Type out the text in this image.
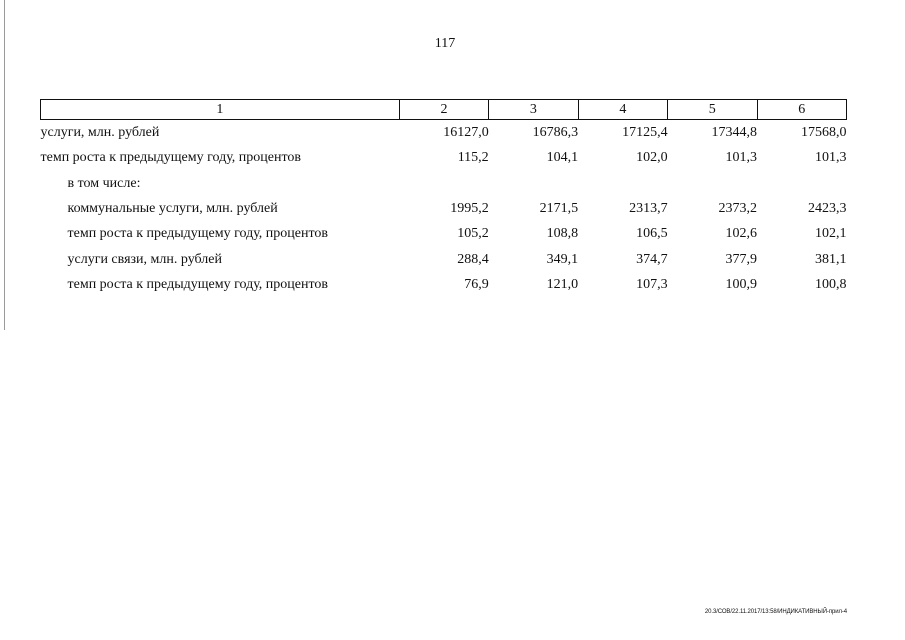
117
1	2	3	4	5	6
услуги, млн. рублей	16127,0	16786,3	17125,4	17344,8	17568,0
темп роста к предыдущему году, процентов	115,2	104,1	102,0	101,3	101,3
в том числе:					
коммунальные услуги, млн. рублей	1995,2	2171,5	2313,7	2373,2	2423,3
темп роста к предыдущему году, процентов	105,2	108,8	106,5	102,6	102,1
услуги связи, млн. рублей	288,4	349,1	374,7	377,9	381,1
темп роста к предыдущему году, процентов	76,9	121,0	107,3	100,9	100,8
20.3/СОВ/22.11.2017/13:58/ИНДИКАТИВНЫЙ-прил-4
